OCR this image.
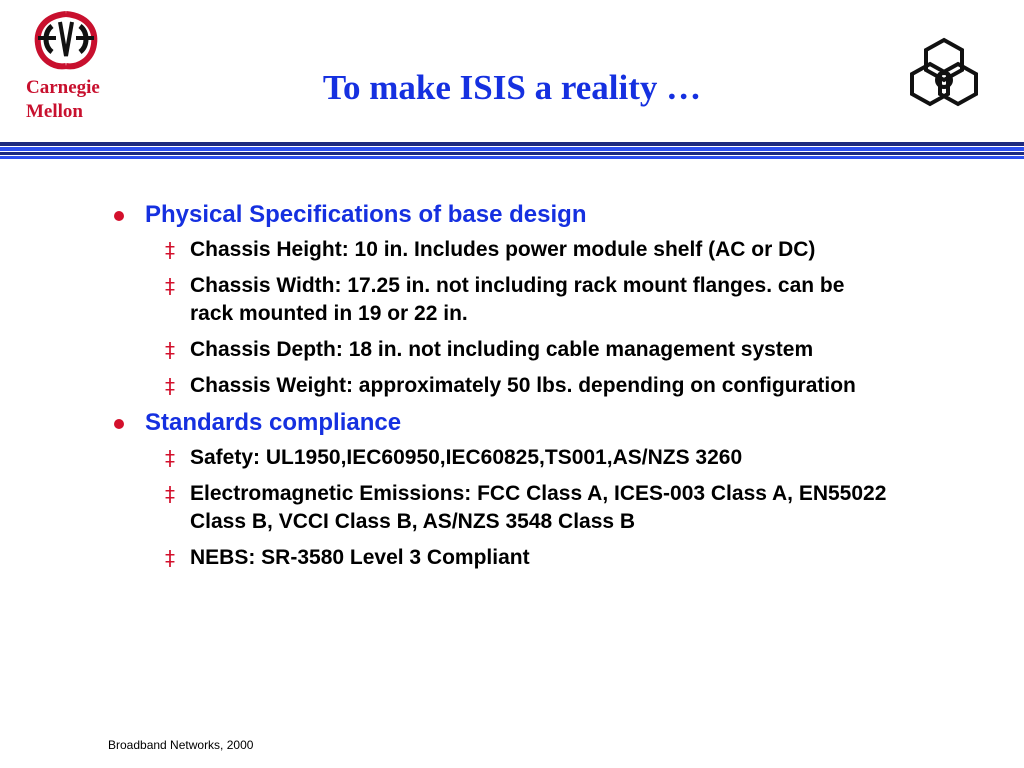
Carnegie
Mellon
To make ISIS a reality …
Physical Specifications of base design
‡ Chassis Height: 10 in. Includes power module shelf (AC or DC)
‡ Chassis Width: 17.25 in. not including rack mount flanges. can be rack mounted in 19 or 22 in.
‡ Chassis Depth: 18 in. not including cable management system
‡ Chassis Weight: approximately 50 lbs. depending on configuration
Standards compliance
‡ Safety: UL1950,IEC60950,IEC60825,TS001,AS/NZS 3260
‡ Electromagnetic Emissions: FCC Class A, ICES-003 Class A, EN55022 Class B, VCCI Class B, AS/NZS 3548 Class B
‡ NEBS: SR-3580 Level 3 Compliant
Broadband Networks, 2000
